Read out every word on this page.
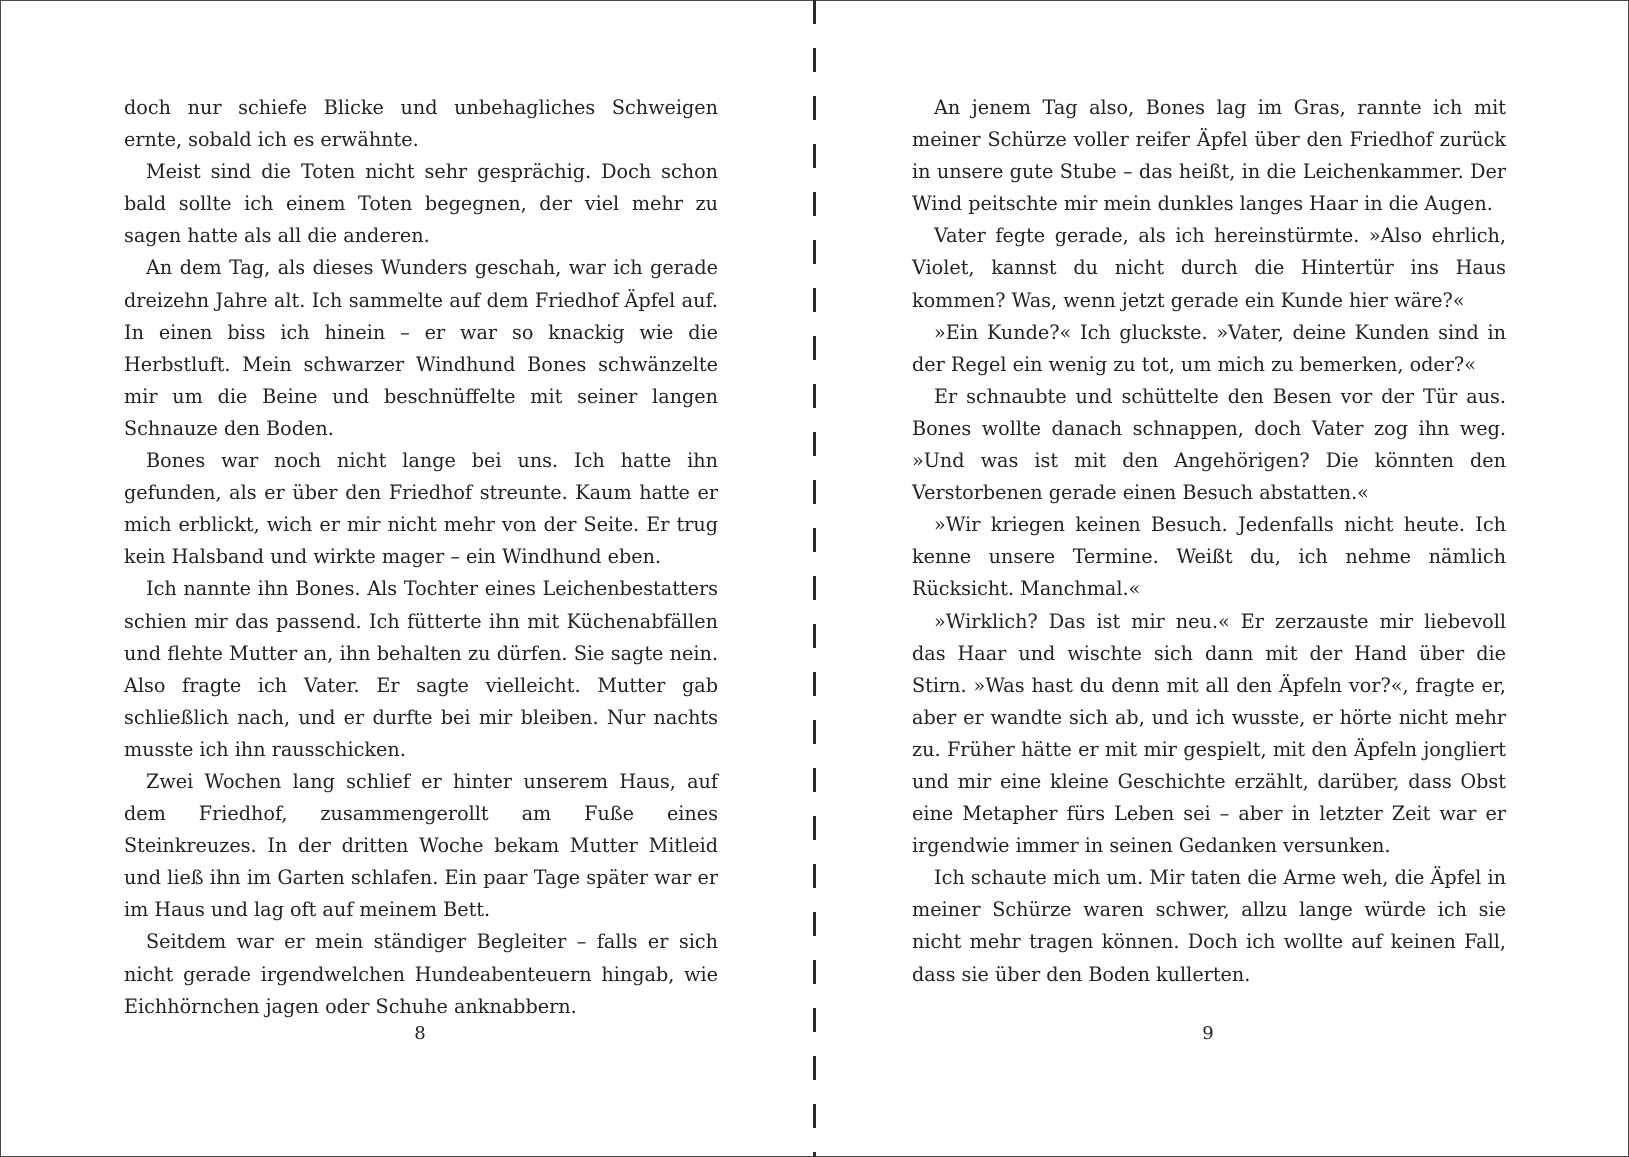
doch nur schiefe Blicke und unbehagliches Schweigen ernte, sobald ich es erwähnte.

Meist sind die Toten nicht sehr gesprächig. Doch schon bald sollte ich einem Toten begegnen, der viel mehr zu sagen hatte als all die anderen.

An dem Tag, als dieses Wunders geschah, war ich gerade dreizehn Jahre alt. Ich sammelte auf dem Friedhof Äpfel auf. In einen biss ich hinein – er war so knackig wie die Herbstluft. Mein schwarzer Windhund Bones schwänzelte mir um die Beine und beschnüffelte mit seiner langen Schnauze den Boden.

Bones war noch nicht lange bei uns. Ich hatte ihn gefunden, als er über den Friedhof streunte. Kaum hatte er mich erblickt, wich er mir nicht mehr von der Seite. Er trug kein Halsband und wirkte mager – ein Windhund eben.

Ich nannte ihn Bones. Als Tochter eines Leichenbestatters schien mir das passend. Ich fütterte ihn mit Küchenabfällen und flehte Mutter an, ihn behalten zu dürfen. Sie sagte nein. Also fragte ich Vater. Er sagte vielleicht. Mutter gab schließlich nach, und er durfte bei mir bleiben. Nur nachts musste ich ihn rausschicken.

Zwei Wochen lang schlief er hinter unserem Haus, auf dem Friedhof, zusammengerollt am Fuße eines Steinkreuzes. In der dritten Woche bekam Mutter Mitleid und ließ ihn im Garten schlafen. Ein paar Tage später war er im Haus und lag oft auf meinem Bett.

Seitdem war er mein ständiger Begleiter – falls er sich nicht gerade irgendwelchen Hundeabenteuern hingab, wie Eichhörnchen jagen oder Schuhe anknabbern.

An jenem Tag also, Bones lag im Gras, rannte ich mit meiner Schürze voller reifer Äpfel über den Friedhof zurück in unsere gute Stube – das heißt, in die Leichenkammer. Der Wind peitschte mir mein dunkles langes Haar in die Augen.

Vater fegte gerade, als ich hereinstürmte. »Also ehrlich, Violet, kannst du nicht durch die Hintertür ins Haus kommen? Was, wenn jetzt gerade ein Kunde hier wäre?«

»Ein Kunde?« Ich gluckste. »Vater, deine Kunden sind in der Regel ein wenig zu tot, um mich zu bemerken, oder?«

Er schnaubte und schüttelte den Besen vor der Tür aus. Bones wollte danach schnappen, doch Vater zog ihn weg. »Und was ist mit den Angehörigen? Die könnten den Verstorbenen gerade einen Besuch abstatten.«

»Wir kriegen keinen Besuch. Jedenfalls nicht heute. Ich kenne unsere Termine. Weißt du, ich nehme nämlich Rücksicht. Manchmal.«

»Wirklich? Das ist mir neu.« Er zerzauste mir liebevoll das Haar und wischte sich dann mit der Hand über die Stirn. »Was hast du denn mit all den Äpfeln vor?«, fragte er, aber er wandte sich ab, und ich wusste, er hörte nicht mehr zu. Früher hätte er mit mir gespielt, mit den Äpfeln jongliert und mir eine kleine Geschichte erzählt, darüber, dass Obst eine Metapher fürs Leben sei – aber in letzter Zeit war er irgendwie immer in seinen Gedanken versunken.

Ich schaute mich um. Mir taten die Arme weh, die Äpfel in meiner Schürze waren schwer, allzu lange würde ich sie nicht mehr tragen können. Doch ich wollte auf keinen Fall, dass sie über den Boden kullerten.

8	9
